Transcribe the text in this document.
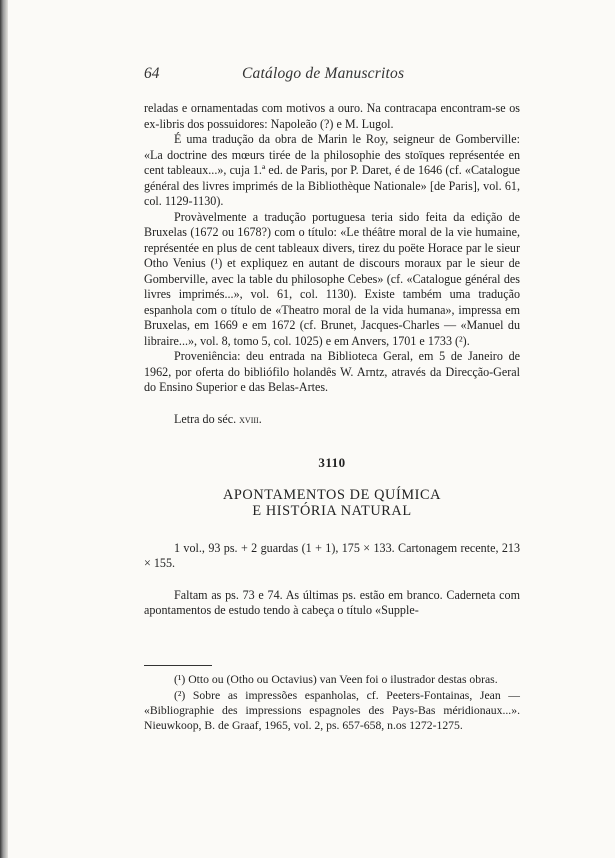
64	Catálogo de Manuscritos

reladas e ornamentadas com motivos a ouro. Na contracapa encontram-se os ex-libris dos possuidores: Napoleão (?) e M. Lugol.

É uma tradução da obra de Marin le Roy, seigneur de Gomberville: «La doctrine des mœurs tirée de la philosophie des stoïques représentée en cent tableaux...», cuja 1.ª ed. de Paris, por P. Daret, é de 1646 (cf. «Catalogue général des livres imprimés de la Bibliothèque Nationale» [de Paris], vol. 61, col. 1129-1130).

Provàvelmente a tradução portuguesa teria sido feita da edição de Bruxelas (1672 ou 1678?) com o título: «Le théâtre moral de la vie humaine, représentée en plus de cent tableaux divers, tirez du poëte Horace par le sieur Otho Venius (¹) et expliquez en autant de discours moraux par le sieur de Gomberville, avec la table du philosophe Cebes» (cf. «Catalogue général des livres imprimés...», vol. 61, col. 1130). Existe também uma tradução espanhola com o título de «Theatro moral de la vida humana», impressa em Bruxelas, em 1669 e em 1672 (cf. Brunet, Jacques-Charles — «Manuel du libraire...», vol. 8, tomo 5, col. 1025) e em Anvers, 1701 e 1733 (²).

Proveniência: deu entrada na Biblioteca Geral, em 5 de Janeiro de 1962, por oferta do bibliófilo holandês W. Arntz, através da Direcção-Geral do Ensino Superior e das Belas-Artes.

Letra do séc. xviii.
3110
APONTAMENTOS DE QUÍMICA
E HISTÓRIA NATURAL

1 vol., 93 ps. + 2 guardas (1 + 1), 175 × 133. Cartonagem recente, 213 × 155.

Faltam as ps. 73 e 74. As últimas ps. estão em branco. Caderneta com apontamentos de estudo tendo à cabeça o título «Supple-

(¹) Otto ou (Otho ou Octavius) van Veen foi o ilustrador destas obras.

(²) Sobre as impressões espanholas, cf. Peeters-Fontainas, Jean — «Bibliographie des impressions espagnoles des Pays-Bas méridionaux...». Nieuwkoop, B. de Graaf, 1965, vol. 2, ps. 657-658, n.os 1272-1275.
